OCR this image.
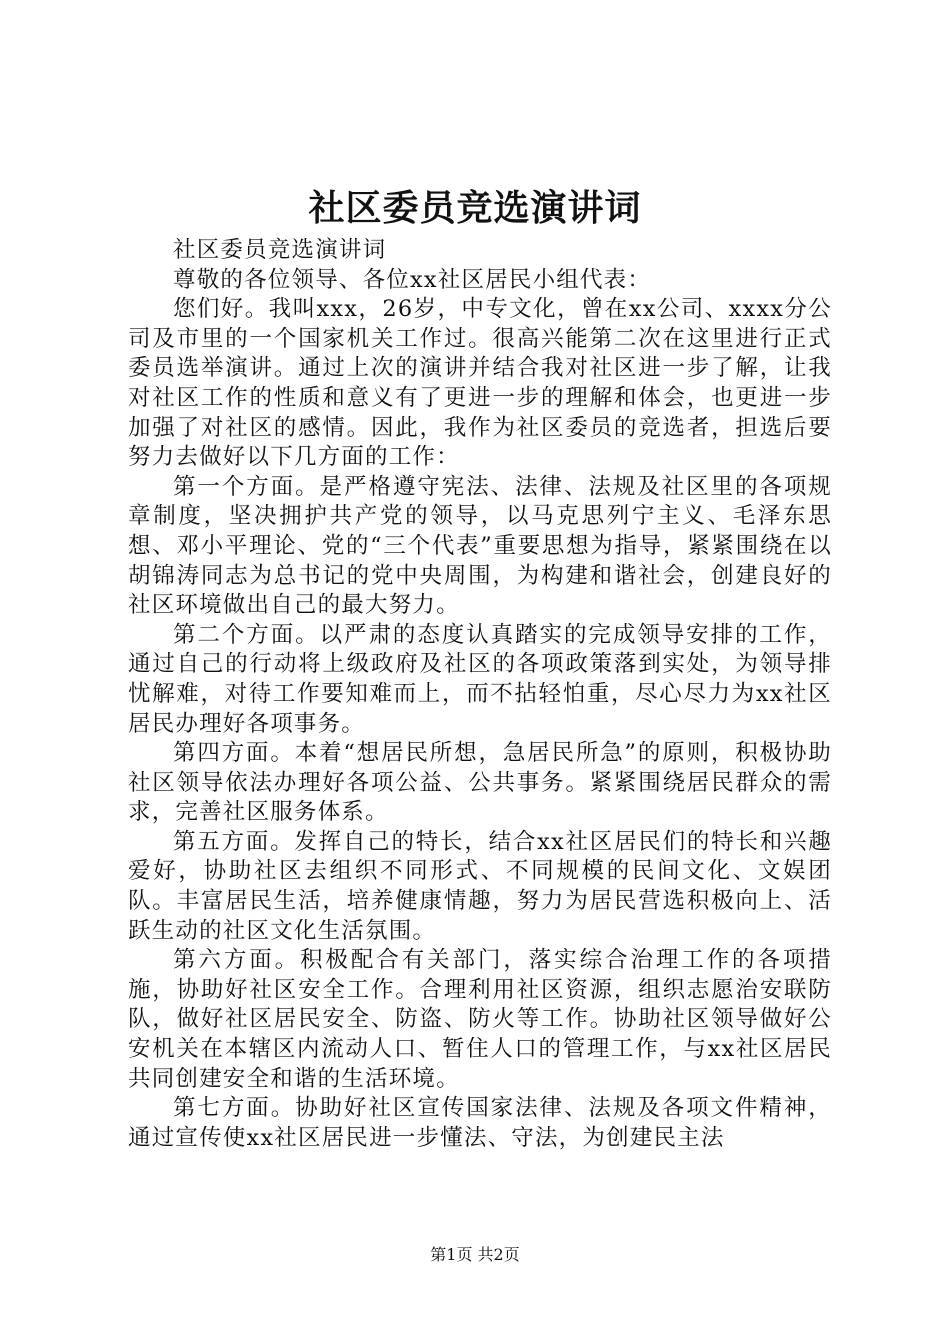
社区委员竞选演讲词

社区委员竞选演讲词

尊敬的各位领导、各位xx社区居民小组代表：

您们好。我叫xxx，26岁，中专文化，曾在xx公司、xxxx分公司及市里的一个国家机关工作过。很高兴能第二次在这里进行正式委员选举演讲。通过上次的演讲并结合我对社区进一步了解，让我对社区工作的性质和意义有了更进一步的理解和体会，也更进一步加强了对社区的感情。因此，我作为社区委员的竞选者，担选后要努力去做好以下几方面的工作：

第一个方面。是严格遵守宪法、法律、法规及社区里的各项规章制度，坚决拥护共产党的领导，以马克思列宁主义、毛泽东思想、邓小平理论、党的“三个代表”重要思想为指导，紧紧围绕在以胡锦涛同志为总书记的党中央周围，为构建和谐社会，创建良好的社区环境做出自己的最大努力。

第二个方面。以严肃的态度认真踏实的完成领导安排的工作，通过自己的行动将上级政府及社区的各项政策落到实处，为领导排忧解难，对待工作要知难而上，而不拈轻怕重，尽心尽力为xx社区居民办理好各项事务。

第四方面。本着“想居民所想，急居民所急”的原则，积极协助社区领导依法办理好各项公益、公共事务。紧紧围绕居民群众的需求，完善社区服务体系。

第五方面。发挥自己的特长，结合xx社区居民们的特长和兴趣爱好，协助社区去组织不同形式、不同规模的民间文化、文娱团队。丰富居民生活，培养健康情趣，努力为居民营选积极向上、活跃生动的社区文化生活氛围。

第六方面。积极配合有关部门，落实综合治理工作的各项措施，协助好社区安全工作。合理利用社区资源，组织志愿治安联防队，做好社区居民安全、防盗、防火等工作。协助社区领导做好公安机关在本辖区内流动人口、暂住人口的管理工作，与xx社区居民共同创建安全和谐的生活环境。

第七方面。协助好社区宣传国家法律、法规及各项文件精神，通过宣传使xx社区居民进一步懂法、守法，为创建民主法

第1页 共2页
